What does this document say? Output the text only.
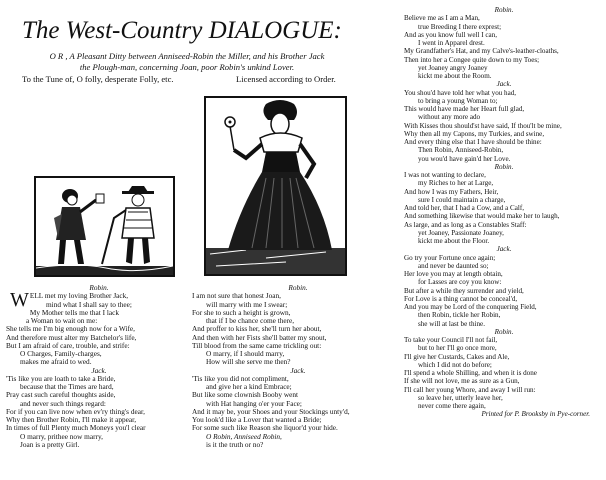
The West-Country DIALOGUE:
O R , A Pleasant Ditty between Anniseed-Robin the Miller, and his Brother Jack
the Plough-man, concerning Joan, poor Robin's unkind Lover.
To the Tune of, O folly, desperate Folly, etc.	Licensed according to Order.
Robin.
WELL met my loving Brother Jack,
mind what I shall say to thee;
My Mother tells me that I lack
a Woman to wait on me:
She tells me I'm big enough now for a Wife,
And therefore must alter my Batchelor's life,
But I am afraid of care, trouble, and strife:
O Charges, Family-charges,
makes me afraid to wed.
Jack.
'Tis like you are loath to take a Bride,
because that the Times are hard,
Pray cast such careful thoughts aside,
and never such things regard:
For if you can live now when ev'ry thing's dear,
Why then Brother Robin, I'll make it appear,
In times of full Plenty much Moneys you'l clear
O marry, prithee now marry,
Joan is a pretty Girl.
Robin.
I am not sure that honest Joan,
will marry with me I swear;
For she to such a height is grown,
that if I be chance come there,
And proffer to kiss her, she'll turn her about,
And then with her Fists she'll batter my snout,
Till blood from the same came trickling out:
O marry, if I should marry,
How will she serve me then?
Jack.
'Tis like you did not compliment,
and give her a kind Embrace;
But like some clownish Booby went
with Hat hanging o'er your Face;
And it may be, your Shoes and your Stockings unty'd,
You look'd like a Lover that wanted a Bride;
For some such like Reason she liquor'd your hide.
O Robin, Anniseed Robin,
is it the truth or no?
Robin.
Believe me as I am a Man,
true Breeding I there exprest;
And as you know full well I can,
I went in Apparel drest.
My Grandfather's Hat, and my Calve's-leather-cloaths,
Then into her a Congee quite down to my Toes;
yet Joaney angry Joaney
kickt me about the Room.
Jack.
You shou'd have told her what you had,
to bring a young Woman to;
This would have made her Heart full glad,
without any more ado
With Kisses thou should'st have said, If thou'lt be mine,
Why then all my Capons, my Turkies, and swine,
And every thing else that I have should be thine:
Then Robin, Anniseed-Robin,
you wou'd have gain'd her Love.
Robin.
I was not wanting to declare,
my Riches to her at Large,
And how I was my Fathers, Heir,
sure I could maintain a charge,
And told her, that I had a Cow, and a Calf,
And something likewise that would make her to laugh,
As large, and as long as a Constables Staff:
yet Joaney, Passionate Joaney,
kickt me about the Floor.
Jack.
Go try your Fortune once again;
and never be daunted so;
Her love you may at length obtain,
for Lasses are coy you know:
But after a while they surrender and yield,
For Love is a thing cannot be conceal'd,
And you may be Lord of the conquering Field,
then Robin, tickle her Robin,
she will at last be thine.
Robin.
To take your Council I'll not fail,
but to her I'll go once more,
I'll give her Custards, Cakes and Ale,
which I did not do before;
I'll spend a whole Shilling, and when it is done
If she will not love, me as sure as a Gun,
I'll call her young Whore, and away I will run:
so leave her, utterly leave her,
never come there again,
Printed for P. Brooksby in Pye-corner.
